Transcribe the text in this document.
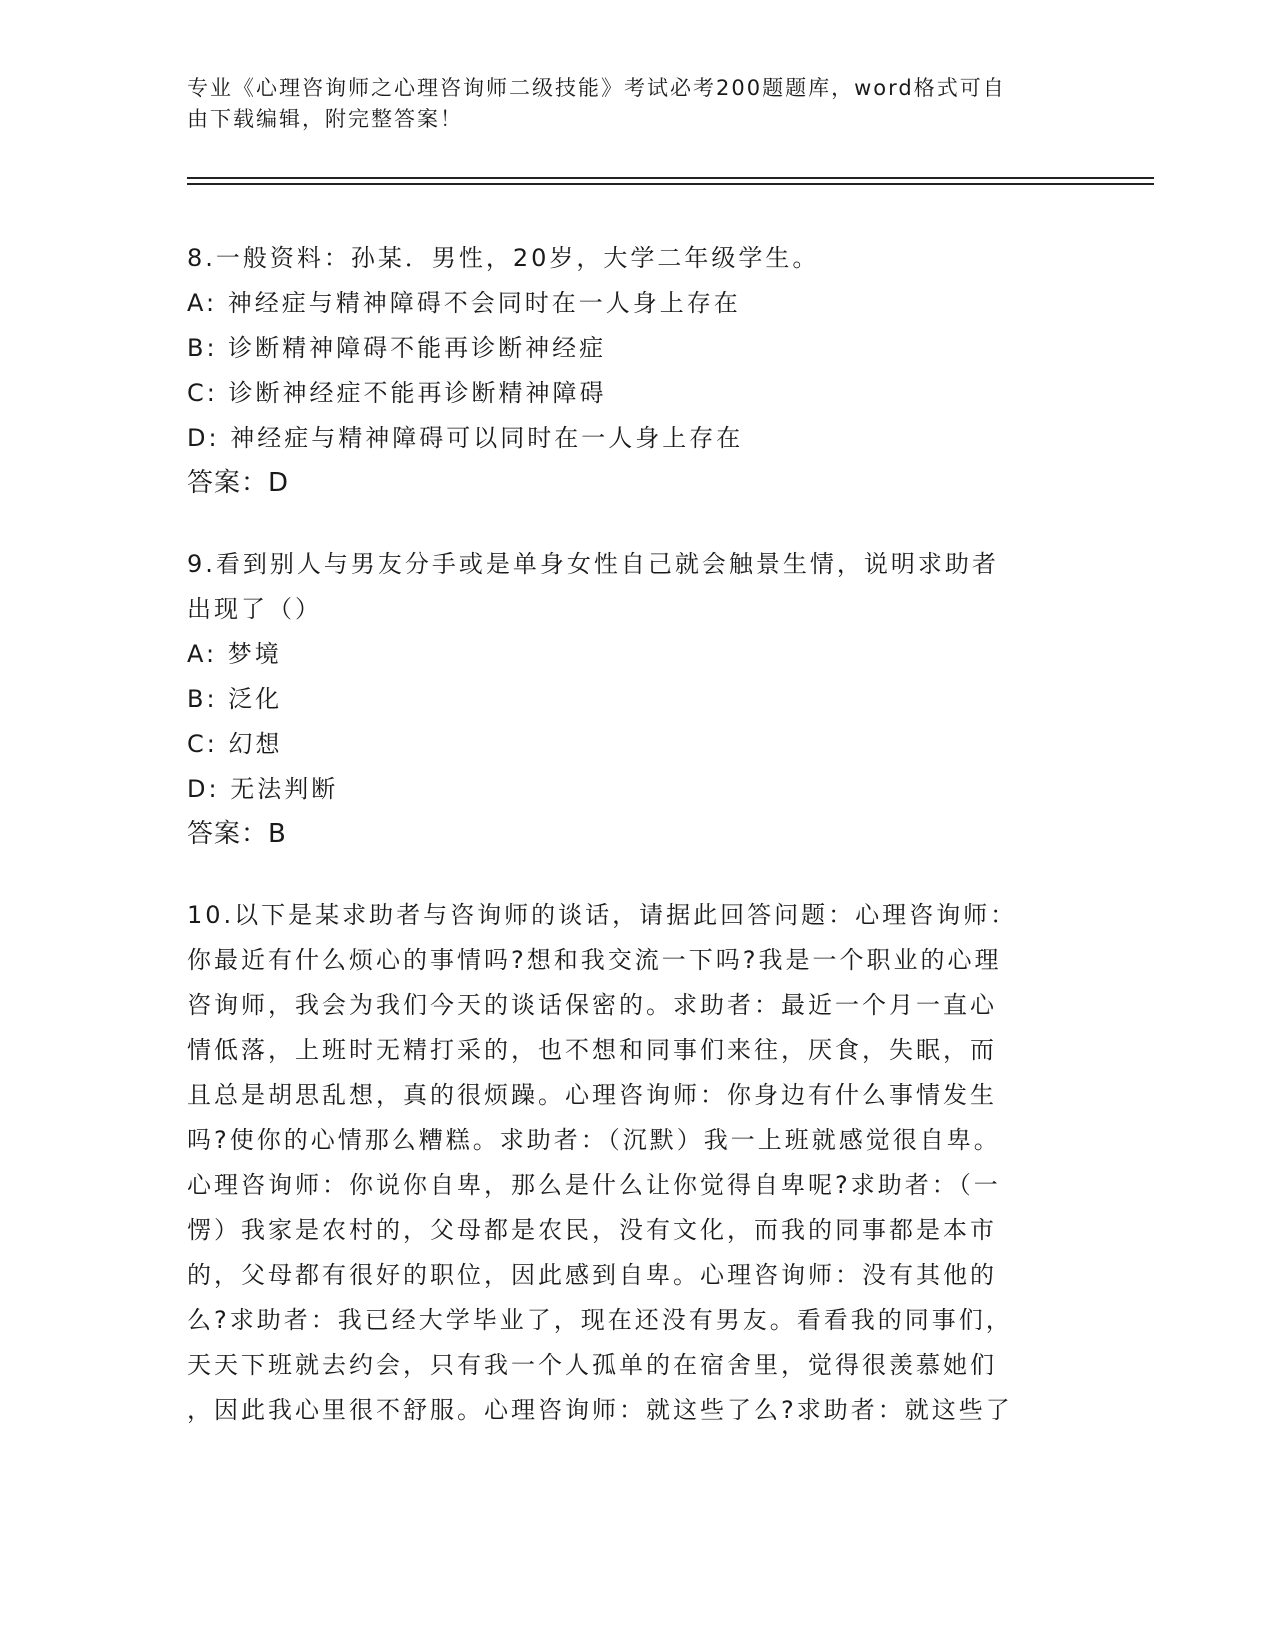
专业《心理咨询师之心理咨询师二级技能》考试必考200题题库，word格式可自
由下载编辑，附完整答案！
8.一般资料：孙某．男性，20岁，大学二年级学生。
A: 神经症与精神障碍不会同时在一人身上存在
B: 诊断精神障碍不能再诊断神经症
C: 诊断神经症不能再诊断精神障碍
D: 神经症与精神障碍可以同时在一人身上存在
答案：D
9.看到别人与男友分手或是单身女性自己就会触景生情，说明求助者
出现了（）
A: 梦境
B: 泛化
C: 幻想
D: 无法判断
答案：B
10.以下是某求助者与咨询师的谈话，请据此回答问题：心理咨询师：
你最近有什么烦心的事情吗?想和我交流一下吗?我是一个职业的心理
咨询师，我会为我们今天的谈话保密的。求助者：最近一个月一直心
情低落，上班时无精打采的，也不想和同事们来往，厌食，失眠，而
且总是胡思乱想，真的很烦躁。心理咨询师：你身边有什么事情发生
吗?使你的心情那么糟糕。求助者：（沉默）我一上班就感觉很自卑。
心理咨询师：你说你自卑，那么是什么让你觉得自卑呢?求助者：（一
愣）我家是农村的，父母都是农民，没有文化，而我的同事都是本市
的，父母都有很好的职位，因此感到自卑。心理咨询师：没有其他的
么?求助者：我已经大学毕业了，现在还没有男友。看看我的同事们，
天天下班就去约会，只有我一个人孤单的在宿舍里，觉得很羡慕她们
，因此我心里很不舒服。心理咨询师：就这些了么?求助者：就这些了
